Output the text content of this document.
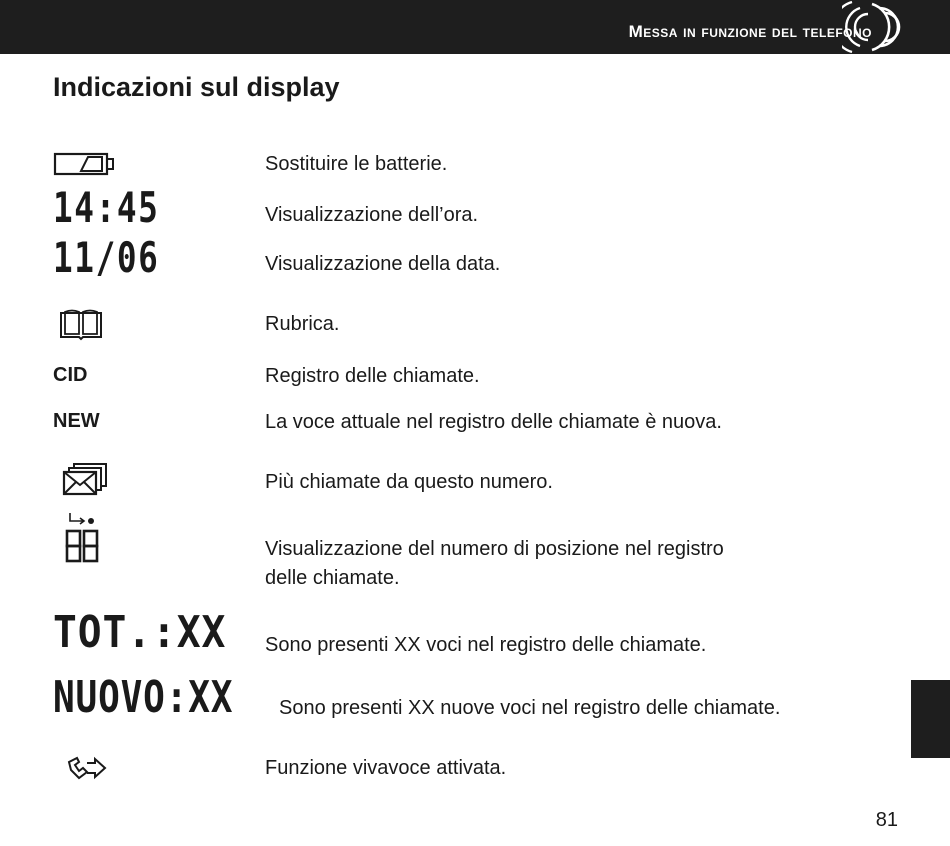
Messa in funzione del telefono
Indicazioni sul display
Sostituire le batterie.
14:45	Visualizzazione dell’ora.
11/06	Visualizzazione della data.
Rubrica.
CID	Registro delle chiamate.
NEW	La voce attuale nel registro delle chiamate è nuova.
Più chiamate da questo numero.
Visualizzazione del numero di posizione nel registro
delle chiamate.
TOT.:XX Sono presenti XX voci nel registro delle chiamate.
NUOVO:XX Sono presenti XX nuove voci nel registro delle chiamate.
Funzione vivavoce attivata.
81
